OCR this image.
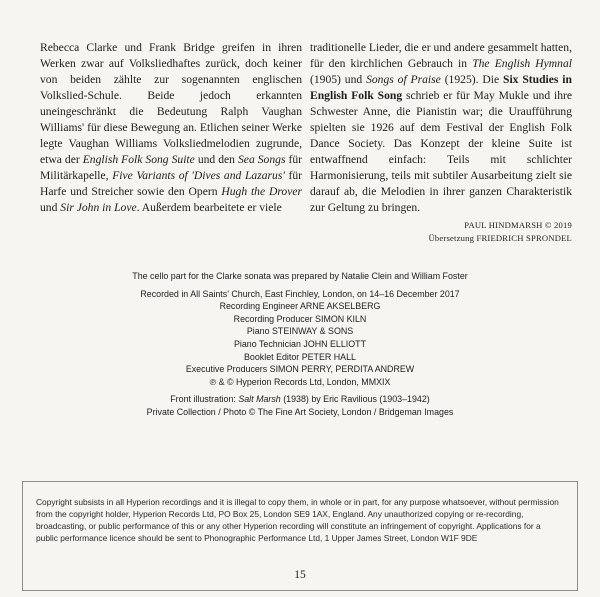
Rebecca Clarke und Frank Bridge greifen in ihren Werken zwar auf Volksliedhaftes zurück, doch keiner von beiden zählte zur sogenannten englischen Volkslied-Schule. Beide jedoch erkannten uneingeschränkt die Bedeutung Ralph Vaughan Williams' für diese Bewegung an. Etlichen seiner Werke legte Vaughan Williams Volksliedmelodien zugrunde, etwa der English Folk Song Suite und den Sea Songs für Militärkapelle, Five Variants of 'Dives and Lazarus' für Harfe und Streicher sowie den Opern Hugh the Drover und Sir John in Love. Außerdem bearbeitete er viele

traditionelle Lieder, die er und andere gesammelt hatten, für den kirchlichen Gebrauch in The English Hymnal (1905) und Songs of Praise (1925). Die Six Studies in English Folk Song schrieb er für May Mukle und ihre Schwester Anne, die Pianistin war; die Uraufführung spielten sie 1926 auf dem Festival der English Folk Dance Society. Das Konzept der kleine Suite ist entwaffnend einfach: Teils mit schlichter Harmonisierung, teils mit subtiler Ausarbeitung zielt sie darauf ab, die Melodien in ihrer ganzen Charakteristik zur Geltung zu bringen.

PAUL HINDMARSH © 2019
Übersetzung FRIEDRICH SPRONDEL
The cello part for the Clarke sonata was prepared by Natalie Clein and William Foster
Recorded in All Saints' Church, East Finchley, London, on 14–16 December 2017
Recording Engineer ARNE AKSELBERG
Recording Producer SIMON KILN
Piano STEINWAY & SONS
Piano Technician JOHN ELLIOTT
Booklet Editor PETER HALL
Executive Producers SIMON PERRY, PERDITA ANDREW
℗ & © Hyperion Records Ltd, London, MMXIX
Front illustration: Salt Marsh (1938) by Eric Ravilious (1903–1942)
Private Collection / Photo © The Fine Art Society, London / Bridgeman Images
Copyright subsists in all Hyperion recordings and it is illegal to copy them, in whole or in part, for any purpose whatsoever, without permission from the copyright holder, Hyperion Records Ltd, PO Box 25, London SE9 1AX, England. Any unauthorized copying or re-recording, broadcasting, or public performance of this or any other Hyperion recording will constitute an infringement of copyright. Applications for a public performance licence should be sent to Phonographic Performance Ltd, 1 Upper James Street, London W1F 9DE
15
